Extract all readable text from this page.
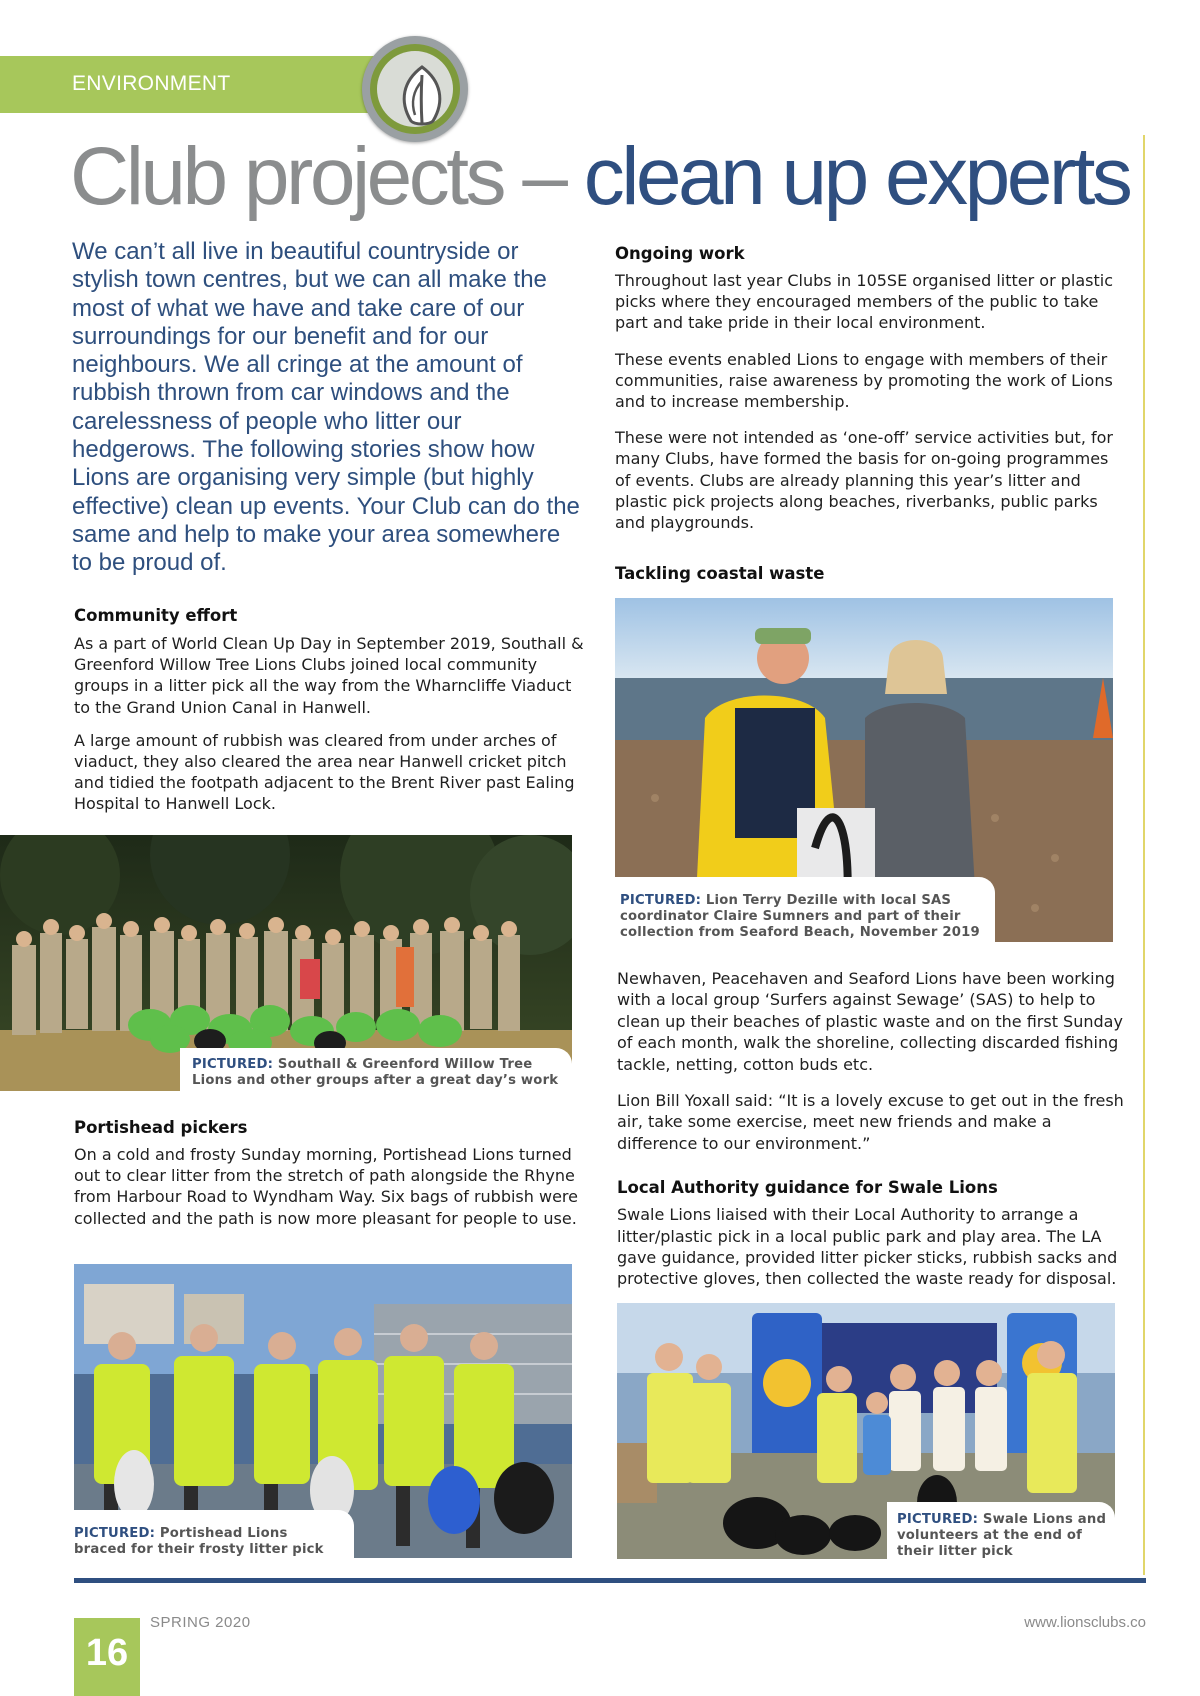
ENVIRONMENT
Club projects – clean up experts

We can’t all live in beautiful countryside or stylish town centres, but we can all make the most of what we have and take care of our surroundings for our benefit and for our neighbours. We all cringe at the amount of rubbish thrown from car windows and the carelessness of people who litter our hedgerows. The following stories show how Lions are organising very simple (but highly effective) clean up events. Your Club can do the same and help to make your area somewhere to be proud of.

Community effort

As a part of World Clean Up Day in September 2019, Southall & Greenford Willow Tree Lions Clubs joined local community groups in a litter pick all the way from the Wharncliffe Viaduct to the Grand Union Canal in Hanwell.

A large amount of rubbish was cleared from under arches of viaduct, they also cleared the area near Hanwell cricket pitch and tidied the footpath adjacent to the Brent River past Ealing Hospital to Hanwell Lock.

PICTURED: Southall & Greenford Willow Tree Lions and other groups after a great day’s work
Portishead pickers

On a cold and frosty Sunday morning, Portishead Lions turned out to clear litter from the stretch of path alongside the Rhyne from Harbour Road to Wyndham Way. Six bags of rubbish were collected and the path is now more pleasant for people to use.

PICTURED: Portishead Lions braced for their frosty litter pick
Ongoing work

Throughout last year Clubs in 105SE organised litter or plastic picks where they encouraged members of the public to take part and take pride in their local environment.

These events enabled Lions to engage with members of their communities, raise awareness by promoting the work of Lions and to increase membership.

These were not intended as ‘one-off’ service activities but, for many Clubs, have formed the basis for on-going programmes of events. Clubs are already planning this year’s litter and plastic pick projects along beaches, riverbanks, public parks and playgrounds.

Tackling coastal waste
PICTURED: Lion Terry Dezille with local SAS coordinator Claire Sumners and part of their collection from Seaford Beach, November 2019

Newhaven, Peacehaven and Seaford Lions have been working with a local group ‘Surfers against Sewage’ (SAS) to help to clean up their beaches of plastic waste and on the first Sunday of each month, walk the shoreline, collecting discarded fishing tackle, netting, cotton buds etc.

Lion Bill Yoxall said: “It is a lovely excuse to get out in the fresh air, take some exercise, meet new friends and make a difference to our environment.”

Local Authority guidance for Swale Lions

Swale Lions liaised with their Local Authority to arrange a litter/plastic pick in a local public park and play area. The LA gave guidance, provided litter picker sticks, rubbish sacks and protective gloves, then collected the waste ready for disposal.

PICTURED: Swale Lions and volunteers at the end of their litter pick
16
SPRING 2020	www.lionsclubs.co
